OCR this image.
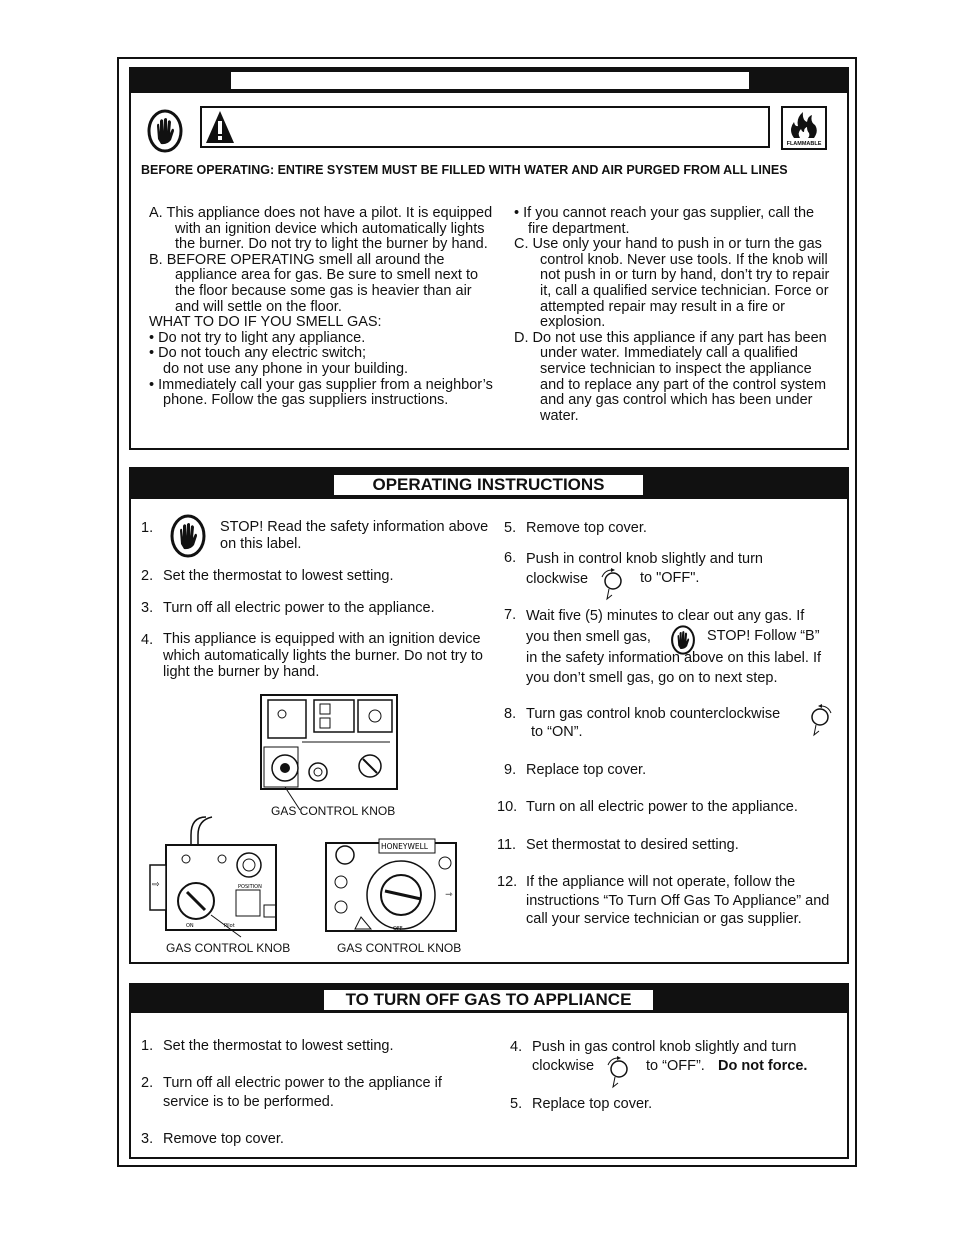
FLAMMABLE
BEFORE OPERATING: ENTIRE SYSTEM MUST BE FILLED WITH WATER AND AIR PURGED FROM ALL LINES
A. This appliance does not have a pilot. It is equipped with an ignition device which automatically lights the burner. Do not try to light the burner by hand.
B. BEFORE OPERATING smell all around the appliance area for gas. Be sure to smell next to the floor because some gas is heavier than air and will settle on the floor.
WHAT TO DO IF YOU SMELL GAS:
• Do not try to light any appliance.
• Do not touch any electric switch;
do not use any phone in your building.
• Immediately call your gas supplier from a neighbor’s phone. Follow the gas suppliers instructions.
• If you cannot reach your gas supplier, call the fire department.
C. Use only your hand to push in or turn the gas control knob. Never use tools. If the knob will not push in or turn by hand, don’t try to repair it, call a qualified service technician. Force or attempted repair may result in a fire or explosion.
D. Do not use this appliance if any part has been under water. Immediately call a qualified service technician to inspect the appliance and to replace any part of the control system and any gas control which has been under water.
OPERATING INSTRUCTIONS
1.	STOP! Read the safety information above on this label.
2. Set the thermostat to lowest setting.
3. Turn off all electric power to the appliance.
4. This appliance is equipped with an ignition device which automatically lights the burner. Do not try to light the burner by hand.
GAS CONTROL KNOB
⇨	POSITION
ON	Pilot
GAS CONTROL KNOB
HONEYWELL
⇾
OFF
GAS CONTROL KNOB
5. Remove top cover.
6. Push in control knob slightly and turn clockwise	to "OFF".
7. Wait five (5) minutes to clear out any gas. If you then smell gas,	STOP! Follow “B”
in the safety information above on this label. If you don’t smell gas, go on to next step.
8. Turn gas control knob counterclockwise
to “ON”.
9. Replace top cover.
10. Turn on all electric power to the appliance.
11. Set thermostat to desired setting.
12. If the appliance will not operate, follow the instructions “To Turn Off Gas To Appliance” and call your service technician or gas supplier.
TO TURN OFF GAS TO APPLIANCE
1. Set the thermostat to lowest setting.
2. Turn off all electric power to the appliance if service is to be performed.
3. Remove top cover.
4. Push in gas control knob slightly and turn clockwise	to “OFF”. Do not force.
5. Replace top cover.
